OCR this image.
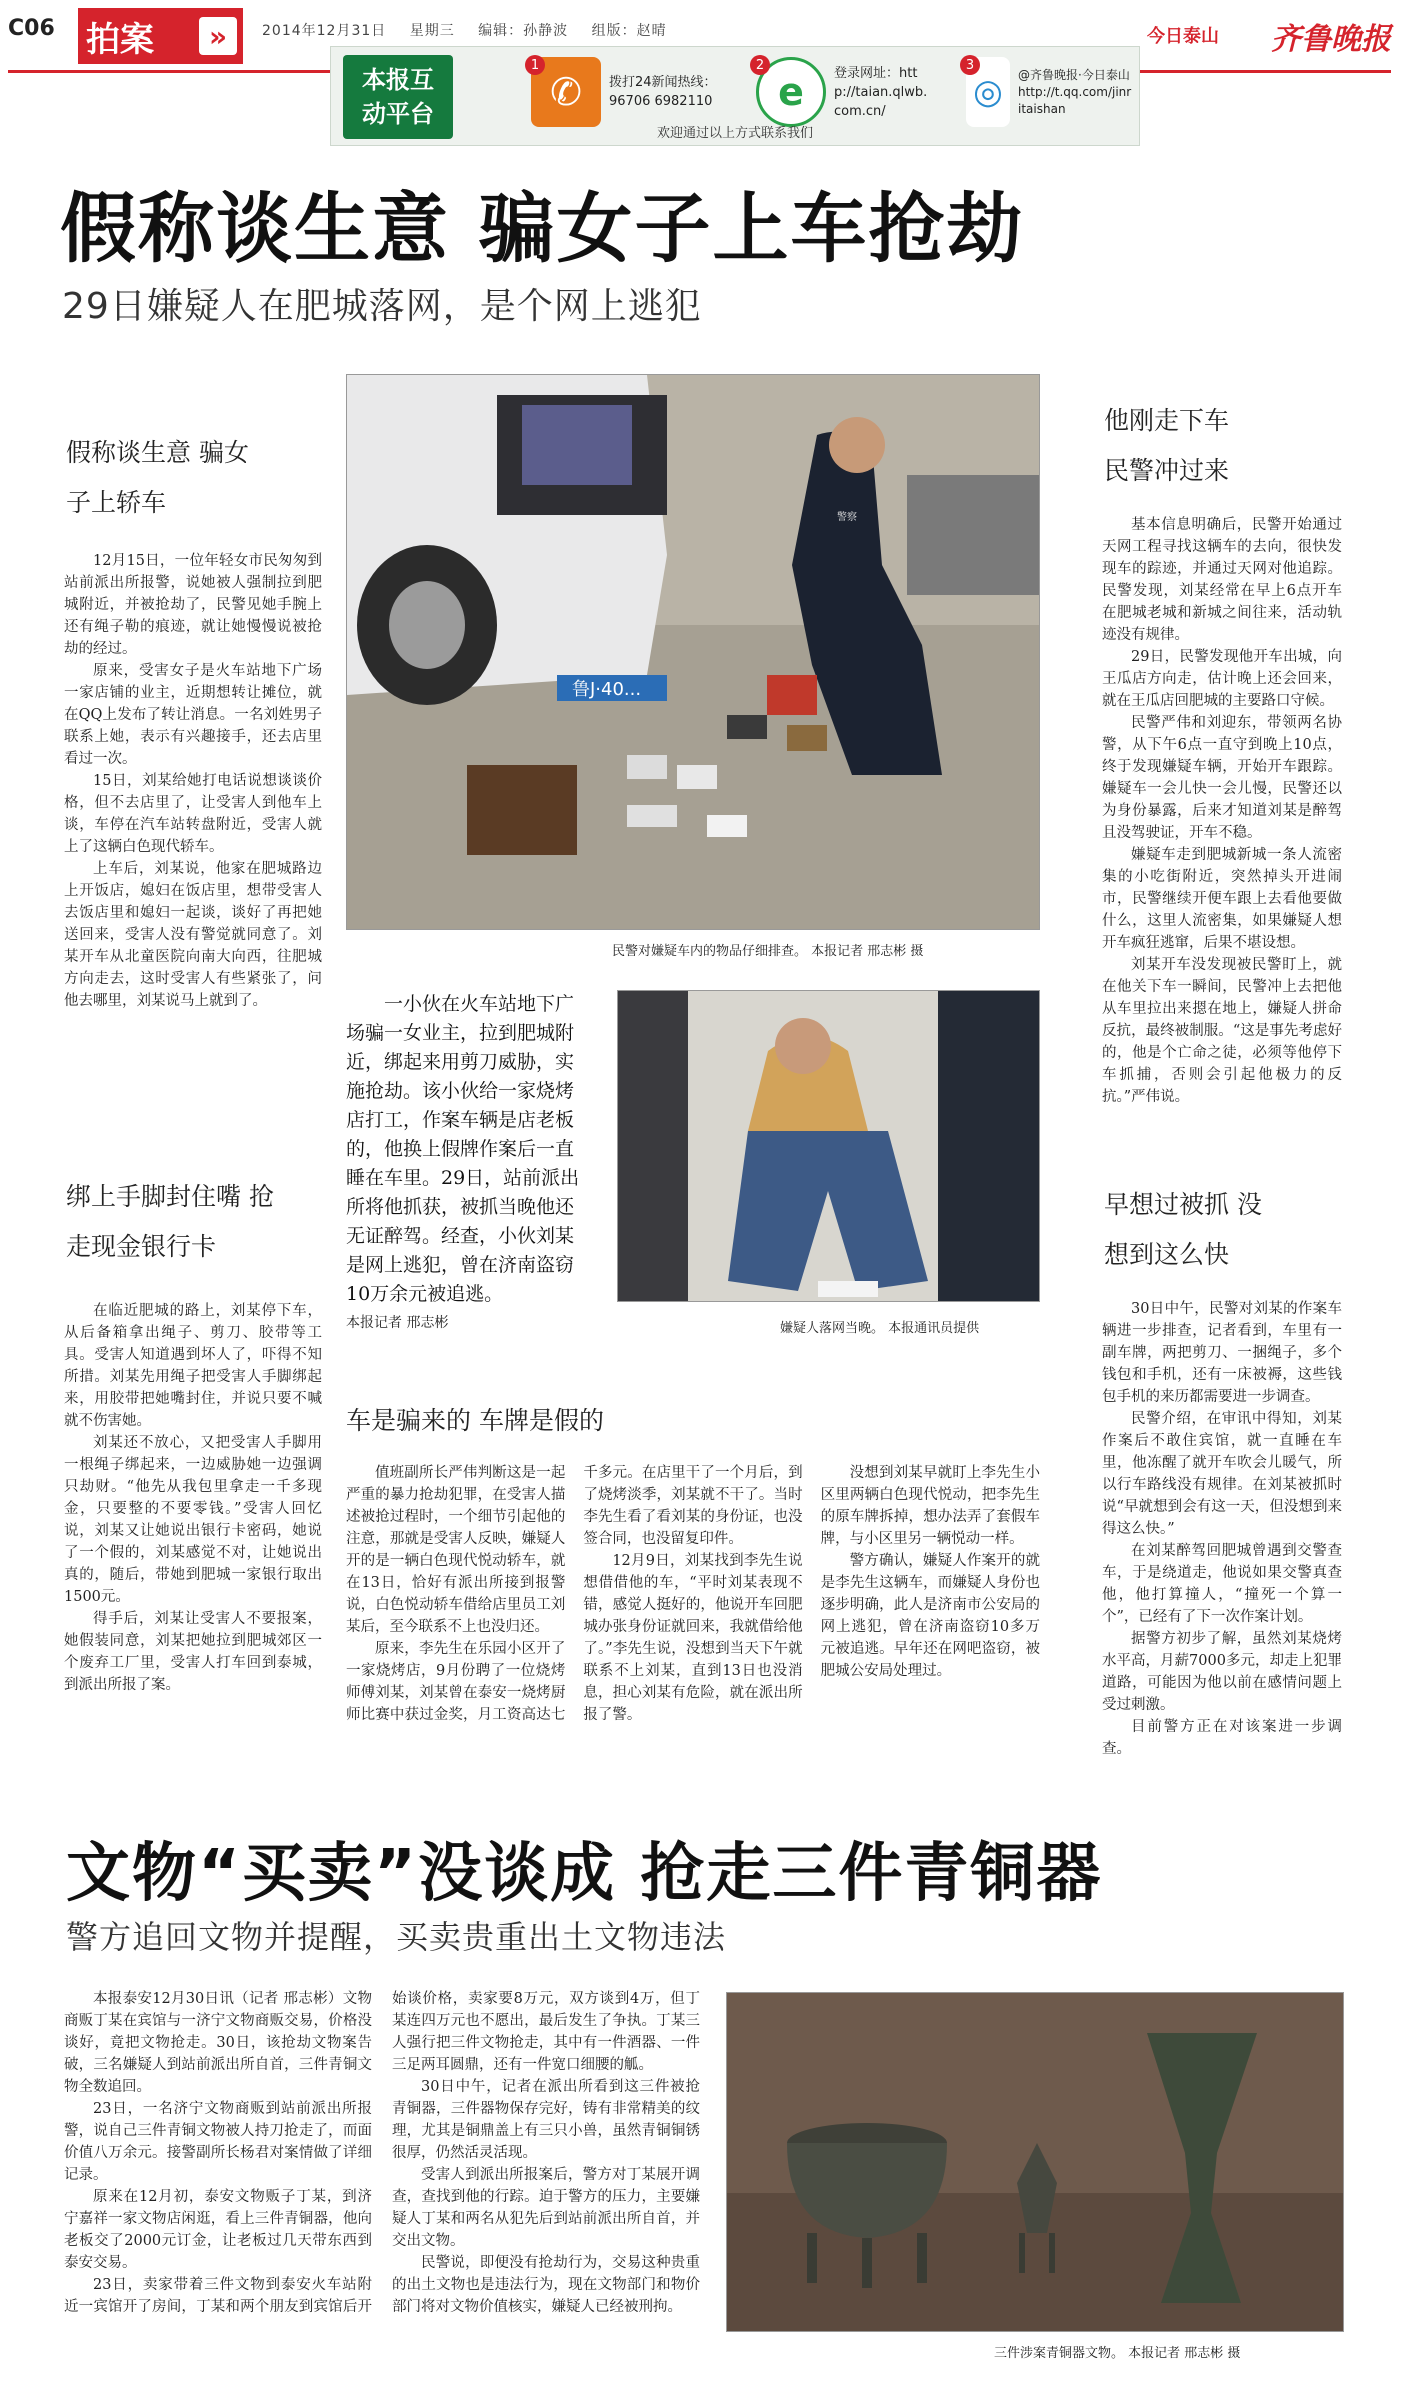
C06 拍案	»	2014年12月31日 星期三 编辑：孙静波 组版：赵晴	今日泰山 齐鲁晚报
本报互动平台
1
✆	拨打24新闻热线：96706 6982110
2
e	登录网址：http://taian.qlwb.com.cn/
3
◎	@齐鲁晚报·今日泰山 http://t.qq.com/jinritaishan
欢迎通过以上方式联系我们
假称谈生意 骗女子上车抢劫
29日嫌疑人在肥城落网，是个网上逃犯
假称谈生意 骗女子上轿车

12月15日，一位年轻女市民匆匆到站前派出所报警，说她被人强制拉到肥城附近，并被抢劫了，民警见她手腕上还有绳子勒的痕迹，就让她慢慢说被抢劫的经过。

原来，受害女子是火车站地下广场一家店铺的业主，近期想转让摊位，就在QQ上发布了转让消息。一名刘姓男子联系上她，表示有兴趣接手，还去店里看过一次。

15日，刘某给她打电话说想谈谈价格，但不去店里了，让受害人到他车上谈，车停在汽车站转盘附近，受害人就上了这辆白色现代轿车。

上车后，刘某说，他家在肥城路边上开饭店，媳妇在饭店里，想带受害人去饭店里和媳妇一起谈，谈好了再把她送回来，受害人没有警觉就同意了。刘某开车从北童医院向南大向西，往肥城方向走去，这时受害人有些紧张了，问他去哪里，刘某说马上就到了。

绑上手脚封住嘴 抢走现金银行卡

在临近肥城的路上，刘某停下车，从后备箱拿出绳子、剪刀、胶带等工具。受害人知道遇到坏人了，吓得不知所措。刘某先用绳子把受害人手脚绑起来，用胶带把她嘴封住，并说只要不喊就不伤害她。

刘某还不放心，又把受害人手脚用一根绳子绑起来，一边威胁她一边强调只劫财。“他先从我包里拿走一千多现金，只要整的不要零钱。”受害人回忆说，刘某又让她说出银行卡密码，她说了一个假的，刘某感觉不对，让她说出真的，随后，带她到肥城一家银行取出1500元。

得手后，刘某让受害人不要报案，她假装同意，刘某把她拉到肥城郊区一个废弃工厂里，受害人打车回到泰城，到派出所报了案。

鲁J·40...
警察
民警对嫌疑车内的物品仔细排查。 本报记者 邢志彬 摄

一小伙在火车站地下广场骗一女业主，拉到肥城附近，绑起来用剪刀威胁，实施抢劫。该小伙给一家烧烤店打工，作案车辆是店老板的，他换上假牌作案后一直睡在车里。29日，站前派出所将他抓获，被抓当晚他还无证醉驾。经查，小伙刘某是网上逃犯，曾在济南盗窃10万余元被追逃。

本报记者 邢志彬	嫌疑人落网当晚。 本报通讯员提供
车是骗来的 车牌是假的

值班副所长严伟判断这是一起严重的暴力抢劫犯罪，在受害人描述被抢过程时，一个细节引起他的注意，那就是受害人反映，嫌疑人开的是一辆白色现代悦动轿车，就在13日，恰好有派出所接到报警说，白色悦动轿车借给店里员工刘某后，至今联系不上也没归还。

原来，李先生在乐园小区开了一家烧烤店，9月份聘了一位烧烤师傅刘某，刘某曾在泰安一烧烤厨师比赛中获过金奖，月工资高达七千多元。在店里干了一个月后，到了烧烤淡季，刘某就不干了。当时李先生看了看刘某的身份证，也没签合同，也没留复印件。

12月9日，刘某找到李先生说想借借他的车，“平时刘某表现不错，感觉人挺好的，他说开车回肥城办张身份证就回来，我就借给他了。”李先生说，没想到当天下午就联系不上刘某，直到13日也没消息，担心刘某有危险，就在派出所报了警。

没想到刘某早就盯上李先生小区里两辆白色现代悦动，把李先生的原车牌拆掉，想办法弄了套假车牌，与小区里另一辆悦动一样。

警方确认，嫌疑人作案开的就是李先生这辆车，而嫌疑人身份也逐步明确，此人是济南市公安局的网上逃犯，曾在济南盗窃10多万元被追逃。早年还在网吧盗窃，被肥城公安局处理过。

他刚走下车 民警冲过来

基本信息明确后，民警开始通过天网工程寻找这辆车的去向，很快发现车的踪迹，并通过天网对他追踪。民警发现，刘某经常在早上6点开车在肥城老城和新城之间往来，活动轨迹没有规律。

29日，民警发现他开车出城，向王瓜店方向走，估计晚上还会回来，就在王瓜店回肥城的主要路口守候。

民警严伟和刘迎东，带领两名协警，从下午6点一直守到晚上10点，终于发现嫌疑车辆，开始开车跟踪。嫌疑车一会儿快一会儿慢，民警还以为身份暴露，后来才知道刘某是醉驾且没驾驶证，开车不稳。

嫌疑车走到肥城新城一条人流密集的小吃街附近，突然掉头开进闹市，民警继续开便车跟上去看他要做什么，这里人流密集，如果嫌疑人想开车疯狂逃窜，后果不堪设想。

刘某开车没发现被民警盯上，就在他关下车一瞬间，民警冲上去把他从车里拉出来摁在地上，嫌疑人拼命反抗，最终被制服。“这是事先考虑好的，他是个亡命之徒，必须等他停下车抓捕，否则会引起他极力的反抗。”严伟说。

早想过被抓 没想到这么快

30日中午，民警对刘某的作案车辆进一步排查，记者看到，车里有一副车牌，两把剪刀、一捆绳子，多个钱包和手机，还有一床被褥，这些钱包手机的来历都需要进一步调查。

民警介绍，在审讯中得知，刘某作案后不敢住宾馆，就一直睡在车里，他冻醒了就开车吹会儿暖气，所以行车路线没有规律。在刘某被抓时说“早就想到会有这一天，但没想到来得这么快。”

在刘某醉驾回肥城曾遇到交警查车，于是绕道走，他说如果交警真查他，他打算撞人，“撞死一个算一个”，已经有了下一次作案计划。

据警方初步了解，虽然刘某烧烤水平高，月薪7000多元，却走上犯罪道路，可能因为他以前在感情问题上受过刺激。

目前警方正在对该案进一步调查。

文物“买卖”没谈成 抢走三件青铜器
警方追回文物并提醒，买卖贵重出土文物违法

本报泰安12月30日讯（记者 邢志彬）文物商贩丁某在宾馆与一济宁文物商贩交易，价格没谈好，竟把文物抢走。30日，该抢劫文物案告破，三名嫌疑人到站前派出所自首，三件青铜文物全数追回。

23日，一名济宁文物商贩到站前派出所报警，说自己三件青铜文物被人持刀抢走了，而面价值八万余元。接警副所长杨君对案情做了详细记录。

原来在12月初，泰安文物贩子丁某，到济宁嘉祥一家文物店闲逛，看上三件青铜器，他向老板交了2000元订金，让老板过几天带东西到泰安交易。

23日，卖家带着三件文物到泰安火车站附近一宾馆开了房间，丁某和两个朋友到宾馆后开始谈价格，卖家要8万元，双方谈到4万，但丁某连四万元也不愿出，最后发生了争执。丁某三人强行把三件文物抢走，其中有一件酒器、一件三足两耳圆鼎，还有一件宽口细腰的觚。

30日中午，记者在派出所看到这三件被抢青铜器，三件器物保存完好，铸有非常精美的纹理，尤其是铜鼎盖上有三只小兽，虽然青铜铜锈很厚，仍然活灵活现。

受害人到派出所报案后，警方对丁某展开调查，查找到他的行踪。迫于警方的压力，主要嫌疑人丁某和两名从犯先后到站前派出所自首，并交出文物。

民警说，即便没有抢劫行为，交易这种贵重的出土文物也是违法行为，现在文物部门和物价部门将对文物价值核实，嫌疑人已经被刑拘。

三件涉案青铜器文物。 本报记者 邢志彬 摄
